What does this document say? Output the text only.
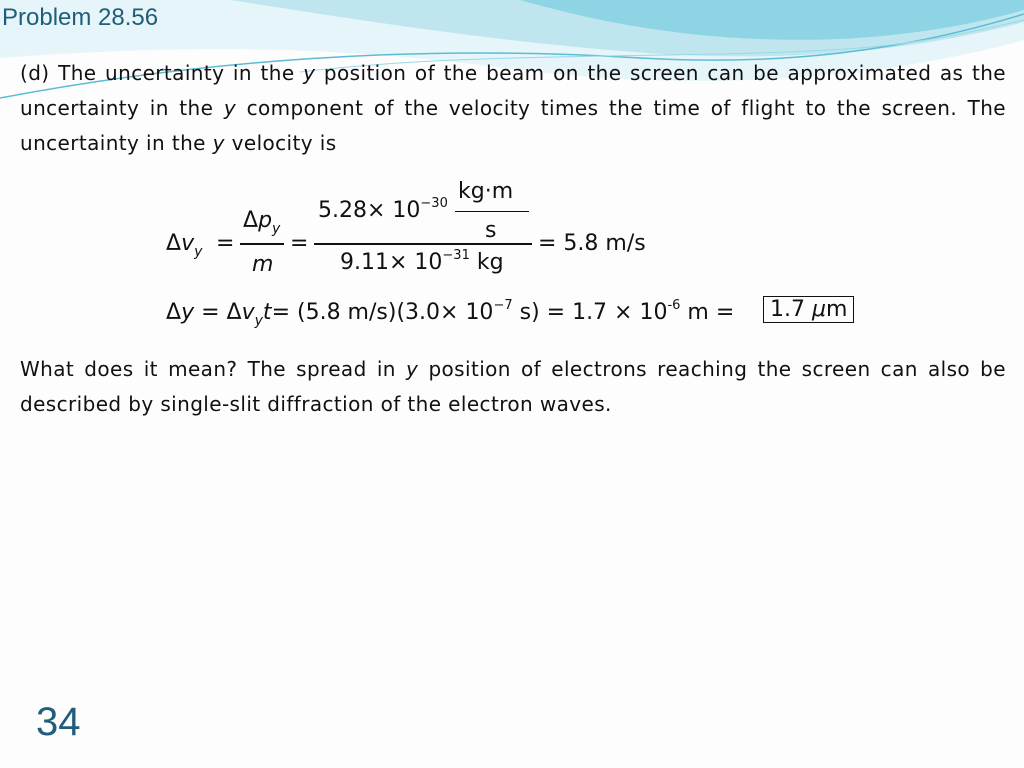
Problem 28.56
(d) The uncertainty in the y position of the beam on the screen can be approximated as the uncertainty in the y component of the velocity times the time of flight to the screen. The uncertainty in the y velocity is
$\Delta v_y$ =
$\Delta p_y$
m
=
$5.28\times 10^{-30}$ kg·m
s
$9.11\times 10^{-31}$ kg
= 5.8 m/s
$\Delta y = \Delta v_yt= (5.8$ $m/s)(3.0\times 10^{-7}$ $s) = 1.7 \times 10^{-6}$ m =	1.7 μm
What does it mean? The spread in y position of electrons reaching the screen can also be described by single-slit diffraction of the electron waves.
34
